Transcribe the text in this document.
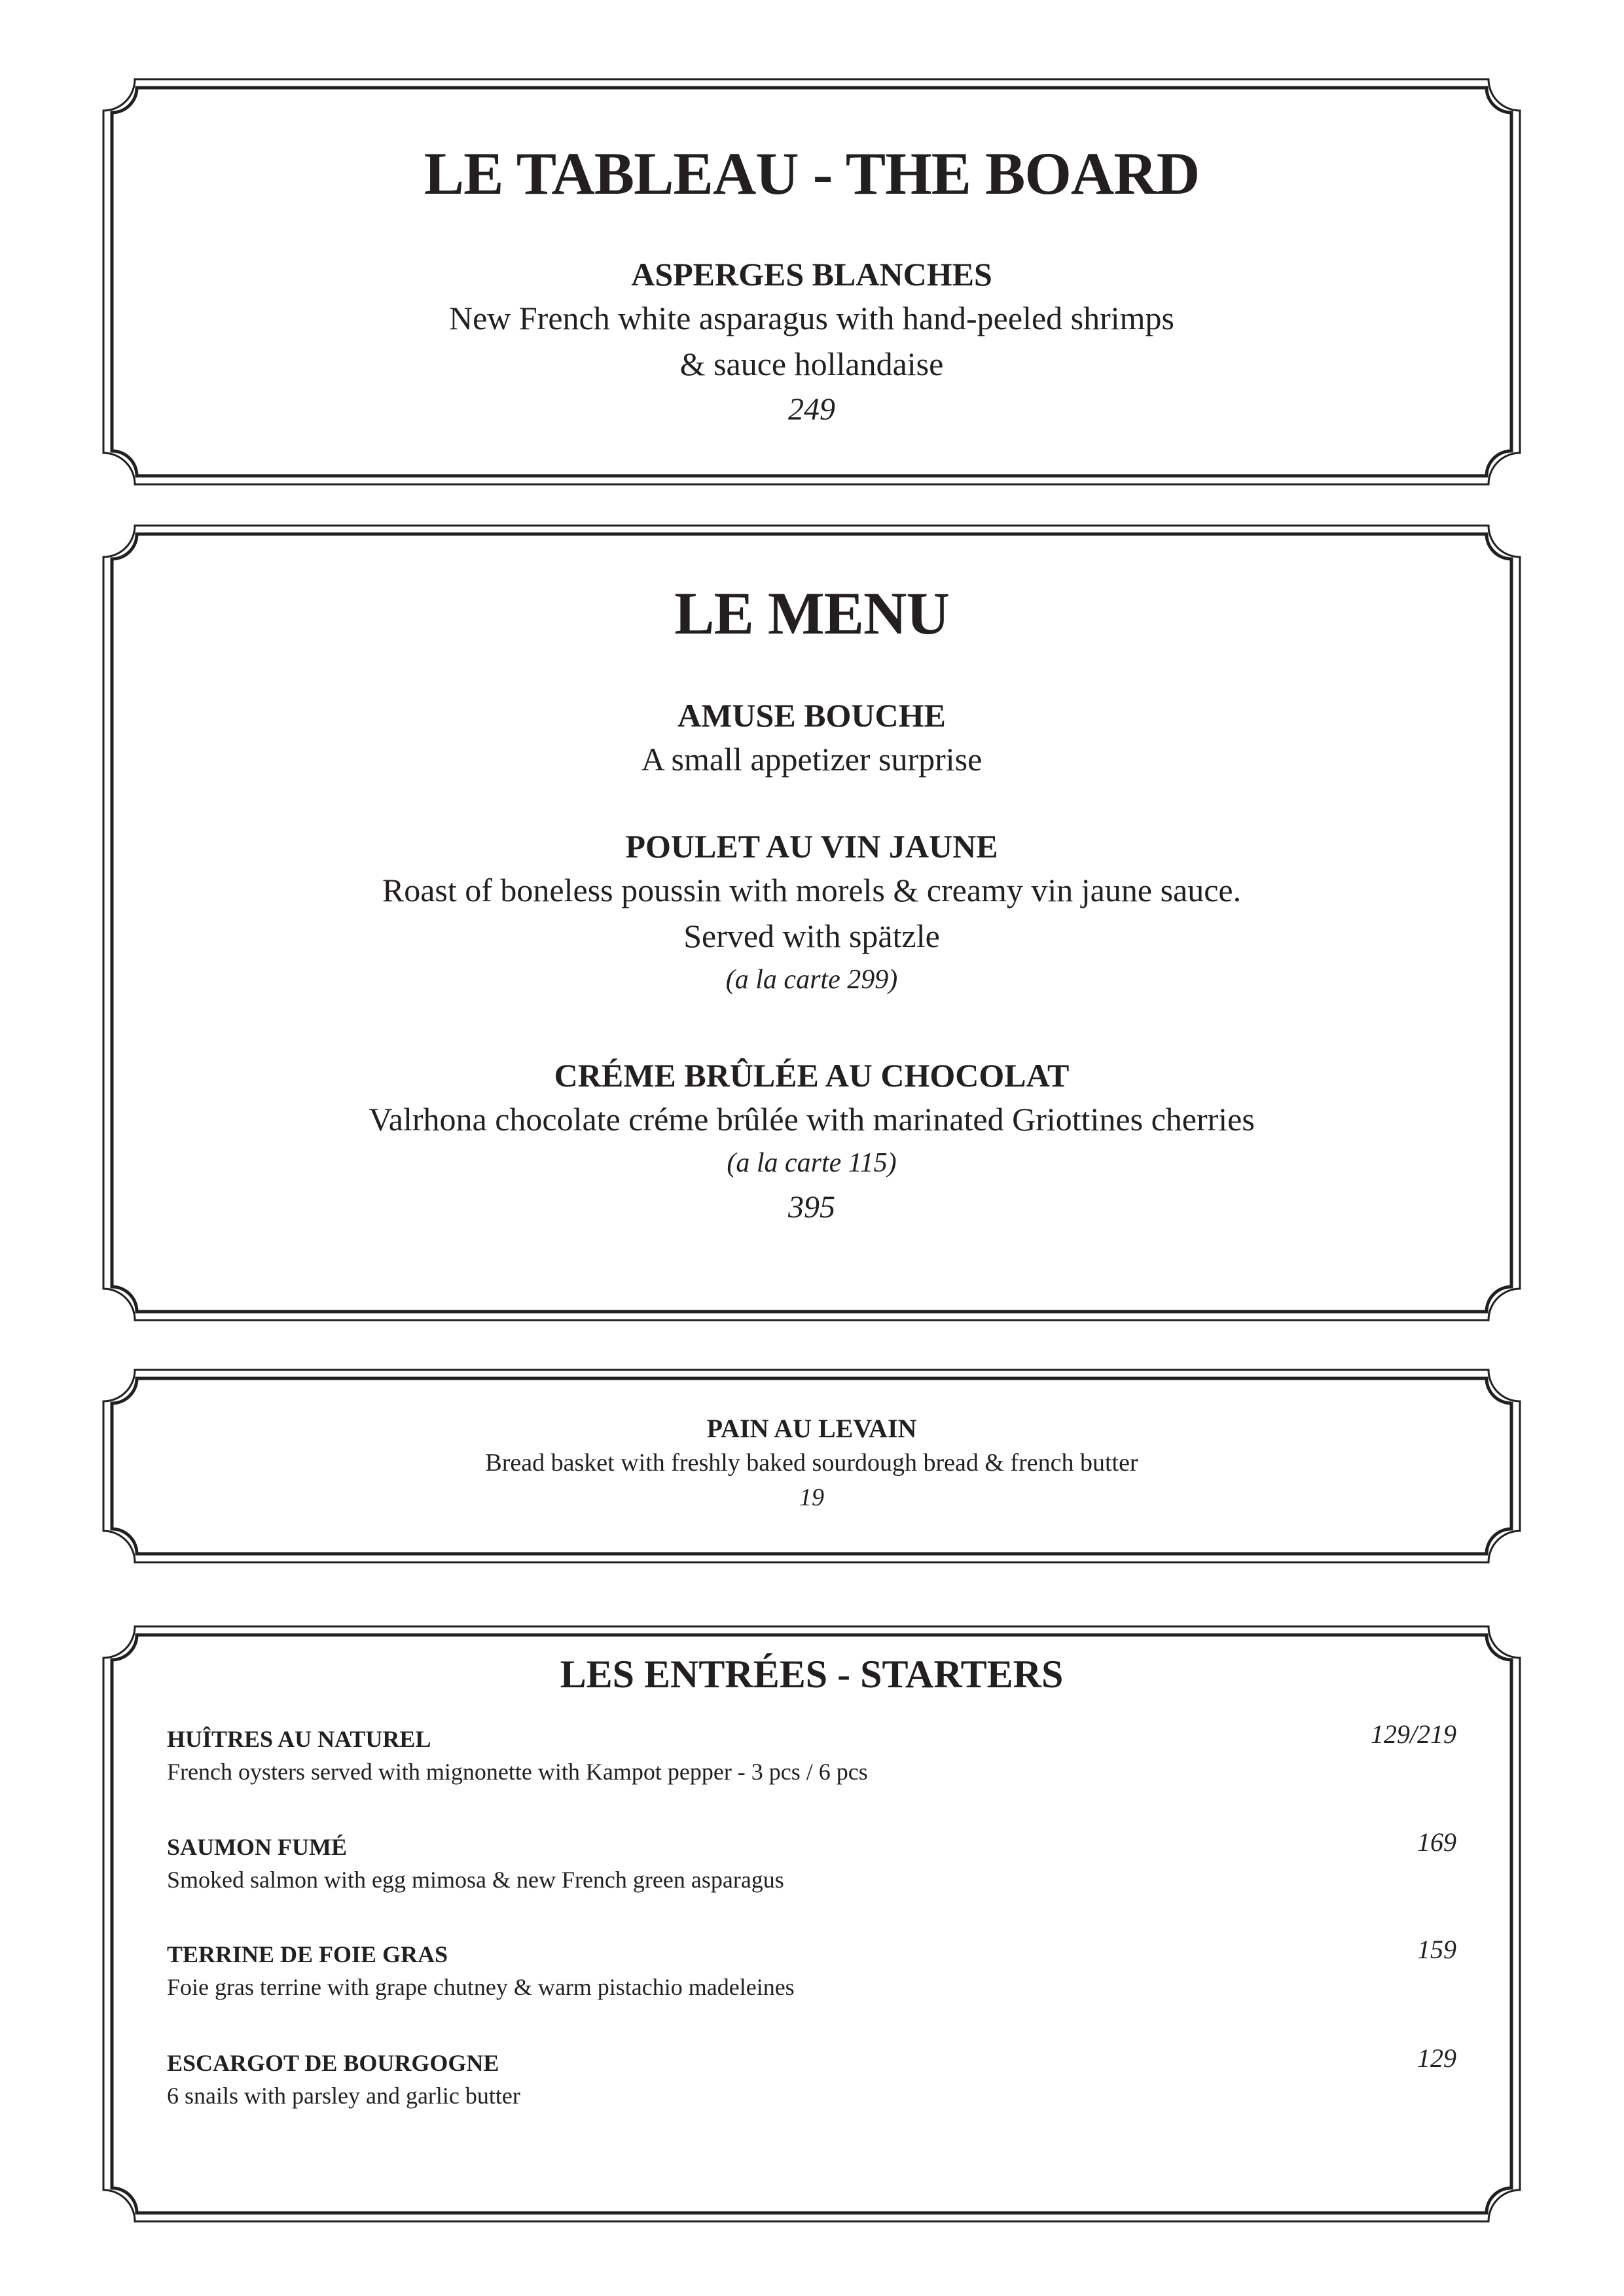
LE TABLEAU - THE BOARD

ASPERGES BLANCHES

New French white asparagus with hand-peeled shrimps

& sauce hollandaise

249

LE MENU

AMUSE BOUCHE

A small appetizer surprise

POULET AU VIN JAUNE

Roast of boneless poussin with morels & creamy vin jaune sauce.

Served with spätzle

(a la carte 299)

CRÉME BRÛLÉE AU CHOCOLAT

Valrhona chocolate créme brûlée with marinated Griottines cherries

(a la carte 115)

395

PAIN AU LEVAIN

Bread basket with freshly baked sourdough bread & french butter

19

LES ENTRÉES - STARTERS
HUÎTRES AU NATUREL
French oysters served with mignonette with Kampot pepper - 3 pcs / 6 pcs
129/219
SAUMON FUMÉ
Smoked salmon with egg mimosa & new French green asparagus
169
TERRINE DE FOIE GRAS
Foie gras terrine with grape chutney & warm pistachio madeleines
159
ESCARGOT DE BOURGOGNE
6 snails with parsley and garlic butter
129
